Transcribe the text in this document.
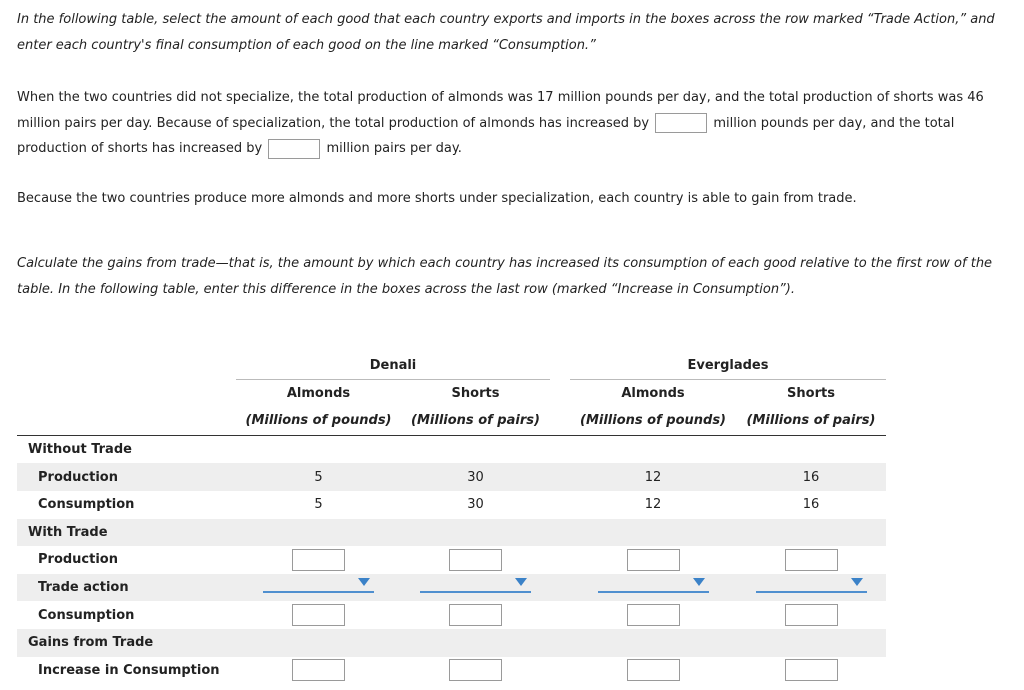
In the following table, select the amount of each good that each country exports and imports in the boxes across the row marked “Trade Action,” and
enter each country's final consumption of each good on the line marked “Consumption.”

When the two countries did not specialize, the total production of almonds was 17 million pounds per day, and the total production of shorts was 46
million pairs per day. Because of specialization, the total production of almonds has increased by	million pounds per day, and the total
production of shorts has increased by	million pairs per day.

Because the two countries produce more almonds and more shorts under specialization, each country is able to gain from trade.

Calculate the gains from trade—that is, the amount by which each country has increased its consumption of each good relative to the first row of the
table. In the following table, enter this difference in the boxes across the last row (marked “Increase in Consumption”).

	Denali			Everglades	
	Almonds	Shorts		Almonds	Shorts
	(Millions of pounds)	(Millions of pairs)		(Millions of pounds)	(Millions of pairs)
Without Trade					
Production	5	30		12	16
Consumption	5	30		12	16
With Trade					
Production					
Trade action	

Consumption					
Gains from Trade					
Increase in Consumption					
